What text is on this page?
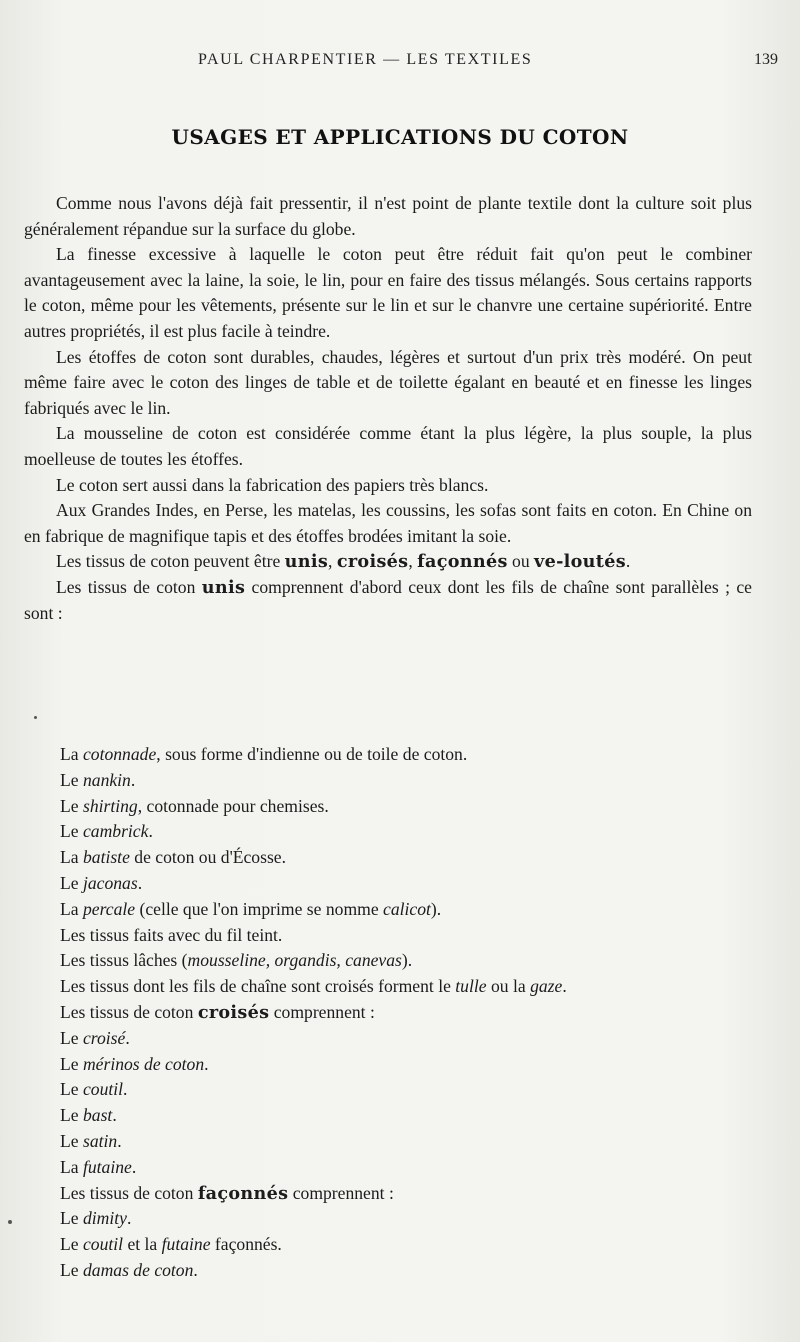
PAUL CHARPENTIER — LES TEXTILES	139
USAGES ET APPLICATIONS DU COTON

Comme nous l'avons déjà fait pressentir, il n'est point de plante textile dont la culture soit plus généralement répandue sur la surface du globe.

La finesse excessive à laquelle le coton peut être réduit fait qu'on peut le combiner avantageusement avec la laine, la soie, le lin, pour en faire des tissus mélangés. Sous certains rapports le coton, même pour les vêtements, présente sur le lin et sur le chanvre une certaine supériorité. Entre autres propriétés, il est plus facile à teindre.

Les étoffes de coton sont durables, chaudes, légères et surtout d'un prix très modéré. On peut même faire avec le coton des linges de table et de toilette égalant en beauté et en finesse les linges fabriqués avec le lin.

La mousseline de coton est considérée comme étant la plus légère, la plus souple, la plus moelleuse de toutes les étoffes.

Le coton sert aussi dans la fabrication des papiers très blancs.

Aux Grandes Indes, en Perse, les matelas, les coussins, les sofas sont faits en coton. En Chine on en fabrique de magnifique tapis et des étoffes brodées imitant la soie.

Les tissus de coton peuvent être unis, croisés, façonnés ou ve-loutés.

Les tissus de coton unis comprennent d'abord ceux dont les fils de chaîne sont parallèles ; ce sont :

La cotonnade, sous forme d'indienne ou de toile de coton.

Le nankin.

Le shirting, cotonnade pour chemises.

Le cambrick.

La batiste de coton ou d'Écosse.

Le jaconas.

La percale (celle que l'on imprime se nomme calicot).

Les tissus faits avec du fil teint.

Les tissus lâches (mousseline, organdis, canevas).

Les tissus dont les fils de chaîne sont croisés forment le tulle ou la gaze.

Les tissus de coton croisés comprennent :

Le croisé.

Le mérinos de coton.

Le coutil.

Le bast.

Le satin.

La futaine.

Les tissus de coton façonnés comprennent :

Le dimity.

Le coutil et la futaine façonnés.

Le damas de coton.
